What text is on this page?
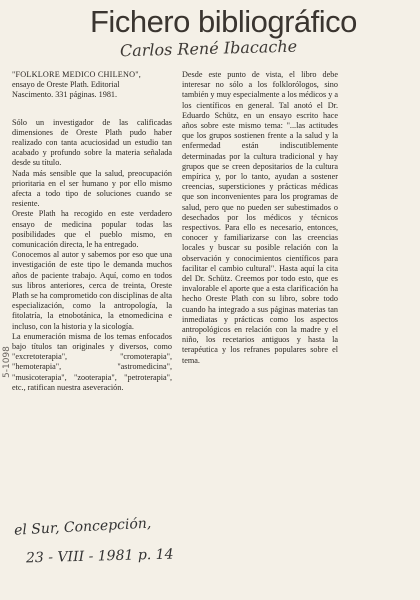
Fichero bibliográfico
Carlos René Ibacache
5-1098

"FOLKLORE MEDICO CHILENO",

ensayo de Oreste Plath. Editorial

Nascimento. 331 páginas. 1981.

Sólo un investigador de las calificadas dimensiones de Oreste Plath pudo haber realizado con tanta acuciosidad un estudio tan acabado y profundo sobre la materia señalada desde su título.

Nada más sensible que la salud, preocupación prioritaria en el ser humano y por ello mismo afecta a todo tipo de soluciones cuando se resiente.

Oreste Plath ha recogido en este verdadero ensayo de medicina popular todas las posibilidades que el pueblo mismo, en comunicación directa, le ha entregado.

Conocemos al autor y sabemos por eso que una investigación de este tipo le demanda muchos años de paciente trabajo. Aquí, como en todos sus libros anteriores, cerca de treinta, Oreste Plath se ha comprometido con disciplinas de alta especialización, como la antropología, la fitolatría, la etnobotánica, la etnomedicina e incluso, con la historia y la sicología.

La enumeración misma de los temas enfocados bajo títulos tan originales y diversos, como "excretoterapia", "cromoterapia", "hemoterapia", "astromedicina", "musicoterapia", "zooterapia", "petroterapia", etc., ratifican nuestra aseveración.

Desde este punto de vista, el libro debe interesar no sólo a los folklorólogos, sino también y muy especialmente a los médicos y a los científicos en general. Tal anotó el Dr. Eduardo Schütz, en un ensayo escrito hace años sobre este mismo tema: "...las actitudes que los grupos sostienen frente a la salud y la enfermedad están indiscutiblemente determinadas por la cultura tradicional y hay grupos que se creen depositarios de la cultura empírica y, por lo tanto, ayudan a sostener creencias, supersticiones y prácticas médicas que son inconvenientes para los programas de salud, pero que no pueden ser subestimados o desechados por los médicos y técnicos respectivos. Para ello es necesario, entonces, conocer y familiarizarse con las creencias locales y buscar su posible relación con la observación y conocimientos científicos para facilitar el cambio cultural". Hasta aquí la cita del Dr. Schütz. Creemos por todo esto, que es invalorable el aporte que a esta clarificación ha hecho Oreste Plath con su libro, sobre todo cuando ha integrado a sus páginas materias tan inmediatas y prácticas como los aspectos antropológicos en relación con la madre y el niño, los recetarios antiguos y hasta la terapéutica y los refranes populares sobre el tema.

el Sur, Concepción,
23 - VIII - 1981 p. 14
